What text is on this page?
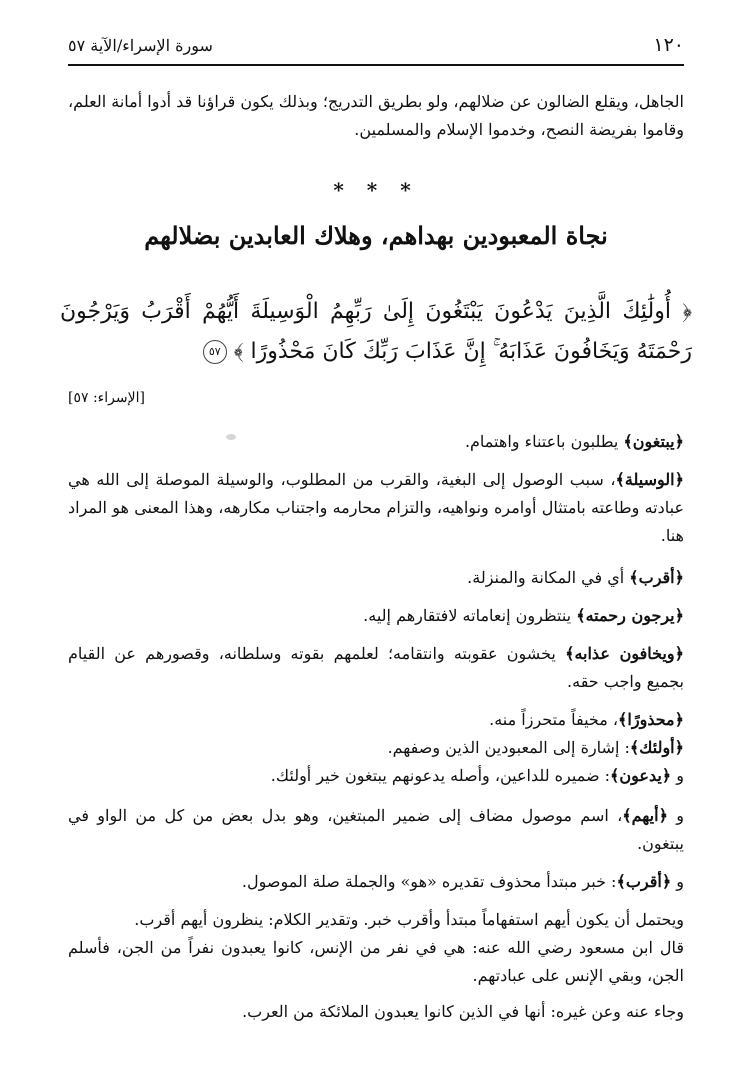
١٢٠
سورة الإسراء/الآية ٥٧
الجاهل، ويقلع الضالون عن ضلالهم، ولو بطريق التدريج؛ وبذلك يكون قراؤنا قد أدوا أمانة العلم، وقاموا بفريضة النصح، وخدموا الإسلام والمسلمين.
* * *
نجاة المعبودين بهداهم، وهلاك العابدين بضلالهم
﴿ أُولَٰئِكَ الَّذِينَ يَدْعُونَ يَبْتَغُونَ إِلَىٰ رَبِّهِمُ الْوَسِيلَةَ أَيُّهُمْ أَقْرَبُ وَيَرْجُونَ رَحْمَتَهُ وَيَخَافُونَ عَذَابَهُ ۚ إِنَّ عَذَابَ رَبِّكَ كَانَ مَحْذُورًا ﴾ ٥٧
[الإسراء: ٥٧]
﴿يبتغون﴾ يطلبون باعتناء واهتمام.
﴿الوسيلة﴾، سبب الوصول إلى البغية، والقرب من المطلوب، والوسيلة الموصلة إلى الله هي عبادته وطاعته بامتثال أوامره ونواهيه، والتزام محارمه واجتناب مكارهه، وهذا المعنى هو المراد هنا.
﴿أقرب﴾ أي في المكانة والمنزلة.
﴿يرجون رحمته﴾ ينتظرون إنعاماته لافتقارهم إليه.
﴿ويخافون عذابه﴾ يخشون عقوبته وانتقامه؛ لعلمهم بقوته وسلطانه، وقصورهم عن القيام بجميع واجب حقه.
﴿محذورًا﴾، مخيفاً متحرزاً منه.
﴿أولئك﴾: إشارة إلى المعبودين الذين وصفهم.
و ﴿يدعون﴾: ضميره للداعين، وأصله يدعونهم يبتغون خير أولئك.
و ﴿أيهم﴾، اسم موصول مضاف إلى ضمير المبتغين، وهو بدل بعض من كل من الواو في يبتغون.
و ﴿أقرب﴾: خبر مبتدأ محذوف تقديره «هو» والجملة صلة الموصول.
ويحتمل أن يكون أيهم استفهاماً مبتدأ وأقرب خبر. وتقدير الكلام: ينظرون أيهم أقرب.
قال ابن مسعود رضي الله عنه: هي في نفر من الإنس، كانوا يعبدون نفراً من الجن، فأسلم الجن، وبقي الإنس على عبادتهم.
وجاء عنه وعن غيره: أنها في الذين كانوا يعبدون الملائكة من العرب.
